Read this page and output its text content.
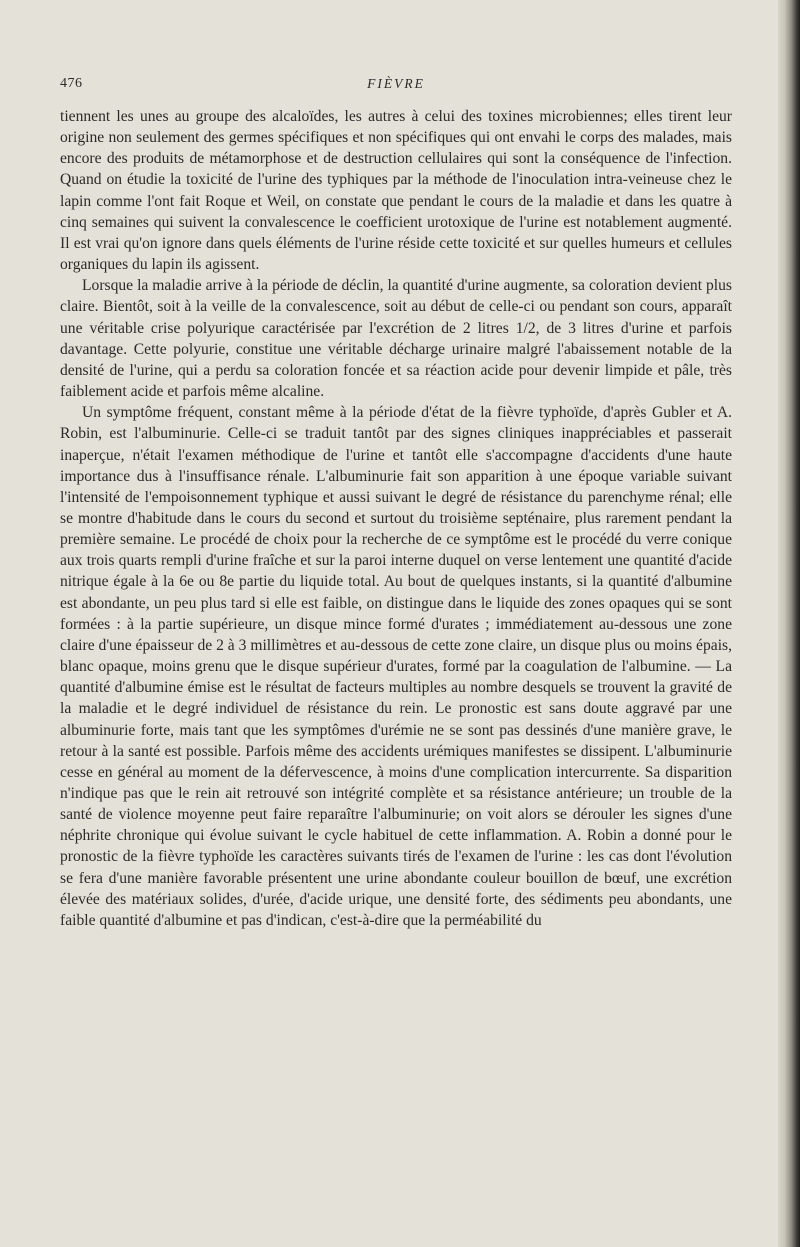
476	FIÈVRE

tiennent les unes au groupe des alcaloïdes, les autres à celui des toxines microbiennes; elles tirent leur origine non seulement des germes spécifiques et non spécifiques qui ont envahi le corps des malades, mais encore des produits de métamorphose et de destruction cellulaires qui sont la conséquence de l'infection. Quand on étudie la toxicité de l'urine des typhiques par la méthode de l'inoculation intra-veineuse chez le lapin comme l'ont fait Roque et Weil, on constate que pendant le cours de la maladie et dans les quatre à cinq semaines qui suivent la convalescence le coefficient urotoxique de l'urine est notablement augmenté. Il est vrai qu'on ignore dans quels éléments de l'urine réside cette toxicité et sur quelles humeurs et cellules organiques du lapin ils agissent.

Lorsque la maladie arrive à la période de déclin, la quantité d'urine augmente, sa coloration devient plus claire. Bientôt, soit à la veille de la convalescence, soit au début de celle-ci ou pendant son cours, apparaît une véritable crise polyurique caractérisée par l'excrétion de 2 litres 1/2, de 3 litres d'urine et parfois davantage. Cette polyurie, constitue une véritable décharge urinaire malgré l'abaissement notable de la densité de l'urine, qui a perdu sa coloration foncée et sa réaction acide pour devenir limpide et pâle, très faiblement acide et parfois même alcaline.

Un symptôme fréquent, constant même à la période d'état de la fièvre typhoïde, d'après Gubler et A. Robin, est l'albuminurie. Celle-ci se traduit tantôt par des signes cliniques inappréciables et passerait inaperçue, n'était l'examen méthodique de l'urine et tantôt elle s'accompagne d'accidents d'une haute importance dus à l'insuffisance rénale. L'albuminurie fait son apparition à une époque variable suivant l'intensité de l'empoisonnement typhique et aussi suivant le degré de résistance du parenchyme rénal; elle se montre d'habitude dans le cours du second et surtout du troisième septénaire, plus rarement pendant la première semaine. Le procédé de choix pour la recherche de ce symptôme est le procédé du verre conique aux trois quarts rempli d'urine fraîche et sur la paroi interne duquel on verse lentement une quantité d'acide nitrique égale à la 6e ou 8e partie du liquide total. Au bout de quelques instants, si la quantité d'albumine est abondante, un peu plus tard si elle est faible, on distingue dans le liquide des zones opaques qui se sont formées : à la partie supérieure, un disque mince formé d'urates ; immédiatement au-dessous une zone claire d'une épaisseur de 2 à 3 millimètres et au-dessous de cette zone claire, un disque plus ou moins épais, blanc opaque, moins grenu que le disque supérieur d'urates, formé par la coagulation de l'albumine. — La quantité d'albumine émise est le résultat de facteurs multiples au nombre desquels se trouvent la gravité de la maladie et le degré individuel de résistance du rein. Le pronostic est sans doute aggravé par une albuminurie forte, mais tant que les symptômes d'urémie ne se sont pas dessinés d'une manière grave, le retour à la santé est possible. Parfois même des accidents urémiques manifestes se dissipent. L'albuminurie cesse en général au moment de la défervescence, à moins d'une complication intercurrente. Sa disparition n'indique pas que le rein ait retrouvé son intégrité complète et sa résistance antérieure; un trouble de la santé de violence moyenne peut faire reparaître l'albuminurie; on voit alors se dérouler les signes d'une néphrite chronique qui évolue suivant le cycle habituel de cette inflammation. A. Robin a donné pour le pronostic de la fièvre typhoïde les caractères suivants tirés de l'examen de l'urine : les cas dont l'évolution se fera d'une manière favorable présentent une urine abondante couleur bouillon de bœuf, une excrétion élevée des matériaux solides, d'urée, d'acide urique, une densité forte, des sédiments peu abondants, une faible quantité d'albumine et pas d'indican, c'est-à-dire que la perméabilité du
